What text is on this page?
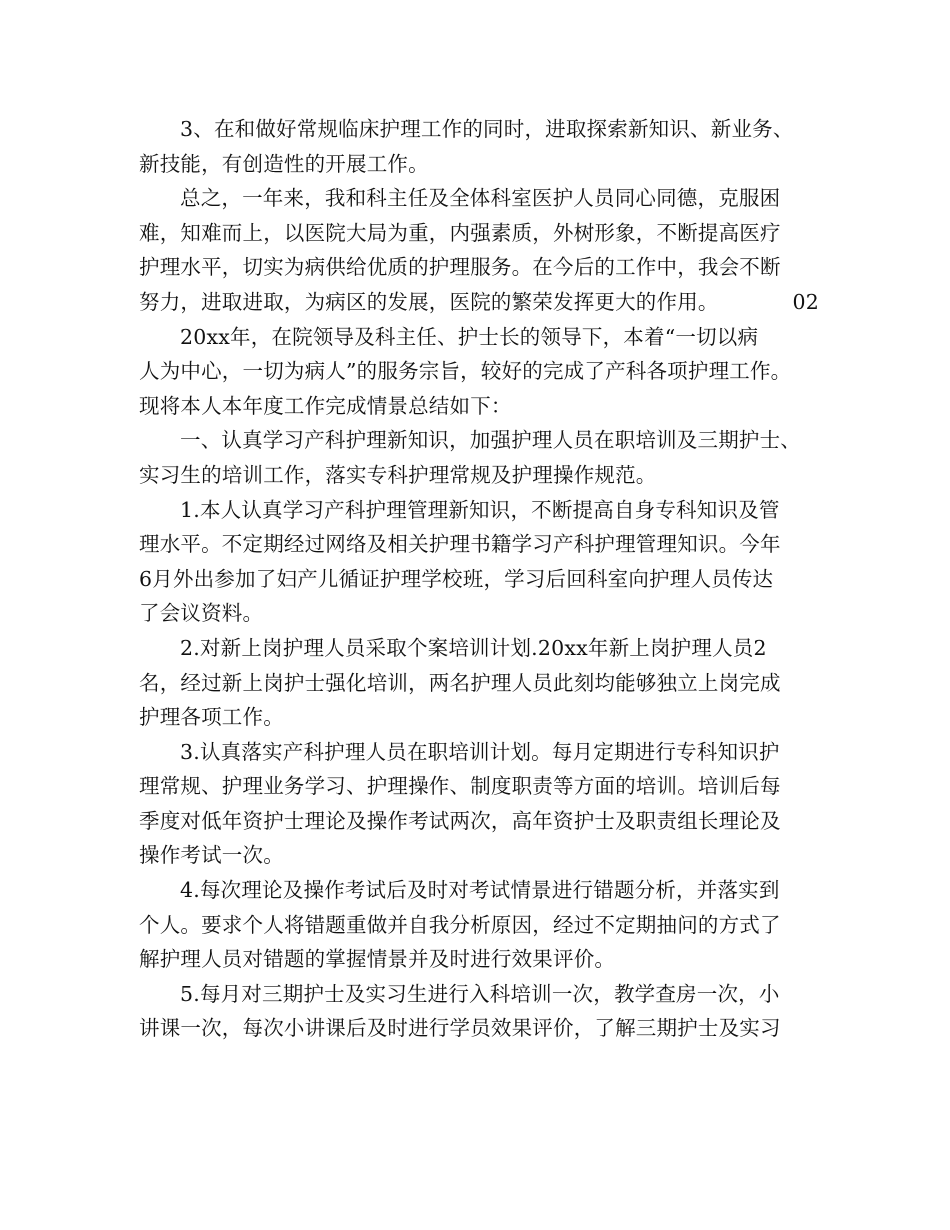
3、在和做好常规临床护理工作的同时，进取探索新知识、新业务、
新技能，有创造性的开展工作。

总之，一年来，我和科主任及全体科室医护人员同心同德，克服困
难，知难而上，以医院大局为重，内强素质，外树形象，不断提高医疗
护理水平，切实为病供给优质的护理服务。在今后的工作中，我会不断
努力，进取进取，为病区的发展，医院的繁荣发挥更大的作用。	02

20xx年，在院领导及科主任、护士长的领导下，本着“一切以病
人为中心，一切为病人”的服务宗旨，较好的完成了产科各项护理工作。
现将本人本年度工作完成情景总结如下：

一、认真学习产科护理新知识，加强护理人员在职培训及三期护士、
实习生的培训工作，落实专科护理常规及护理操作规范。

1.本人认真学习产科护理管理新知识，不断提高自身专科知识及管
理水平。不定期经过网络及相关护理书籍学习产科护理管理知识。今年
6月外出参加了妇产儿循证护理学校班，学习后回科室向护理人员传达
了会议资料。

2.对新上岗护理人员采取个案培训计划.20xx年新上岗护理人员2
名，经过新上岗护士强化培训，两名护理人员此刻均能够独立上岗完成
护理各项工作。

3.认真落实产科护理人员在职培训计划。每月定期进行专科知识护
理常规、护理业务学习、护理操作、制度职责等方面的培训。培训后每
季度对低年资护士理论及操作考试两次，高年资护士及职责组长理论及
操作考试一次。

4.每次理论及操作考试后及时对考试情景进行错题分析，并落实到
个人。要求个人将错题重做并自我分析原因，经过不定期抽问的方式了
解护理人员对错题的掌握情景并及时进行效果评价。

5.每月对三期护士及实习生进行入科培训一次，教学查房一次，小
讲课一次，每次小讲课后及时进行学员效果评价，了解三期护士及实习
